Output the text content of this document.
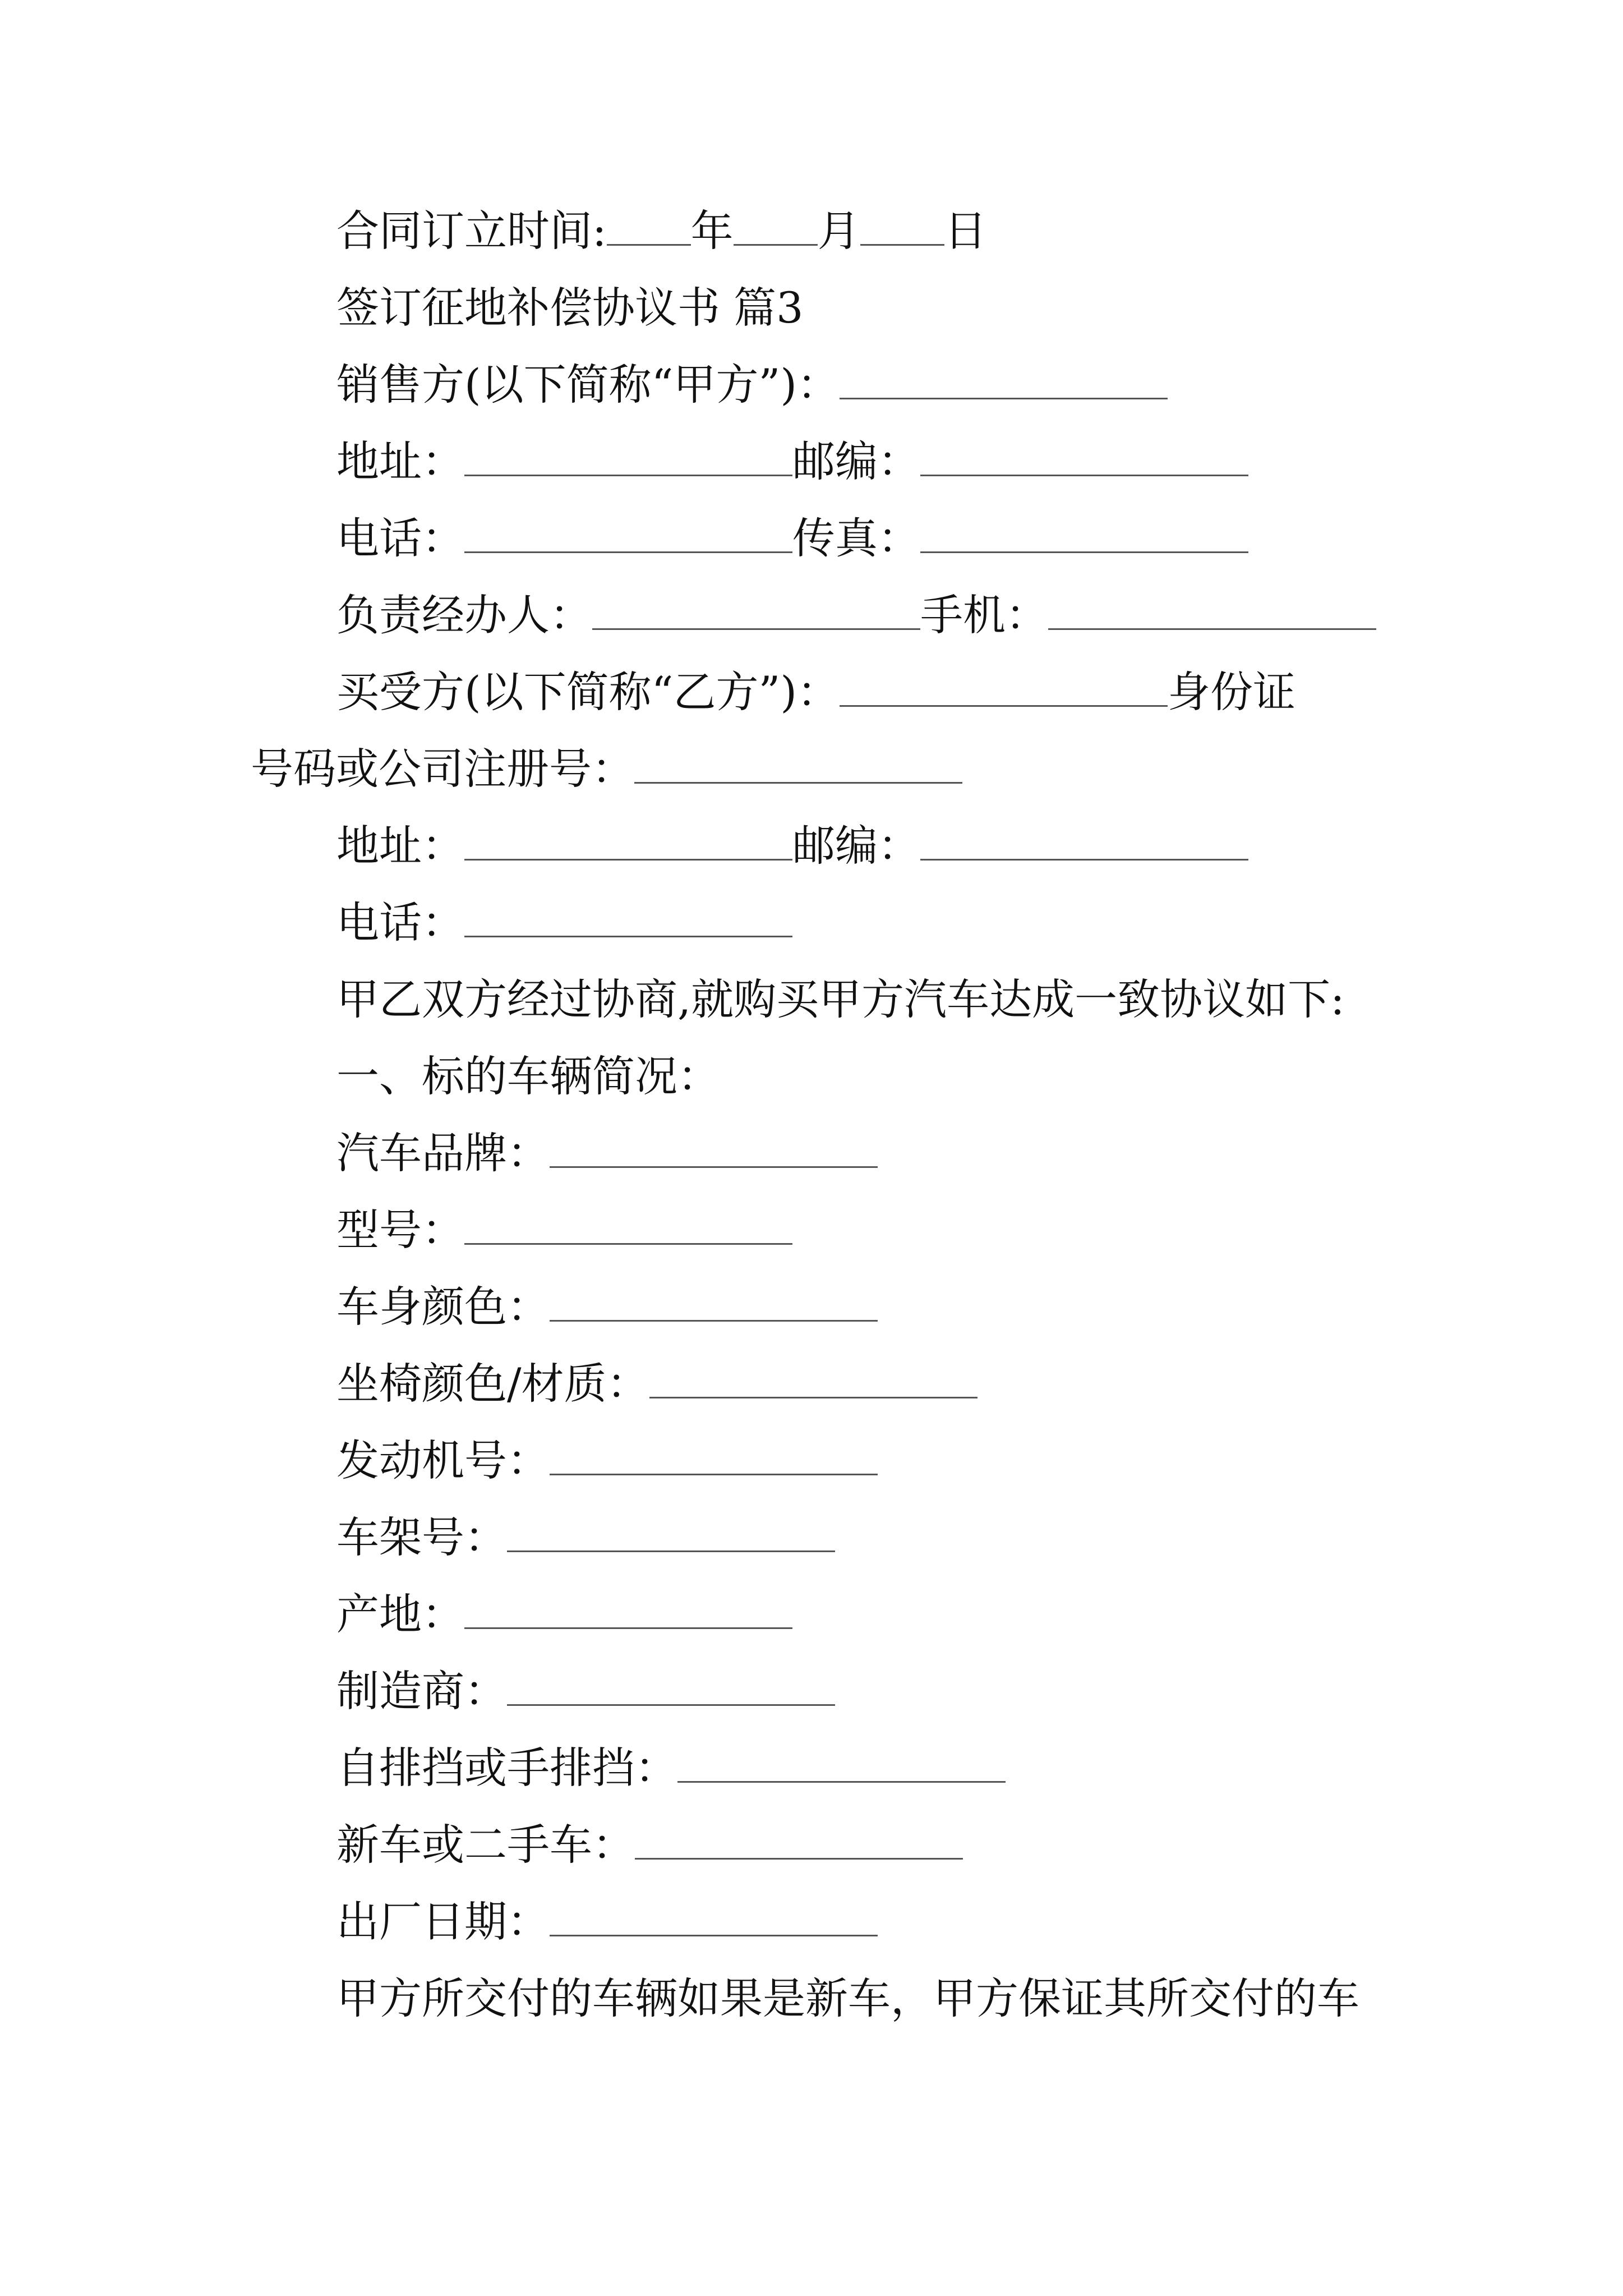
合同订立时间: 年 月 日
签订征地补偿协议书 篇3
销售方(以下简称“甲方”)：
地址：	邮编：
电话：	传真：
负责经办人：	手机：
买受方(以下简称“乙方”)：	身份证
号码或公司注册号：
地址：	邮编：
电话：
甲乙双方经过协商,就购买甲方汽车达成一致协议如下:
一、标的车辆简况：
汽车品牌：
型号：
车身颜色：
坐椅颜色/材质：
发动机号：
车架号：
产地：
制造商：
自排挡或手排挡：
新车或二手车：
出厂日期：
甲方所交付的车辆如果是新车，甲方保证其所交付的车
